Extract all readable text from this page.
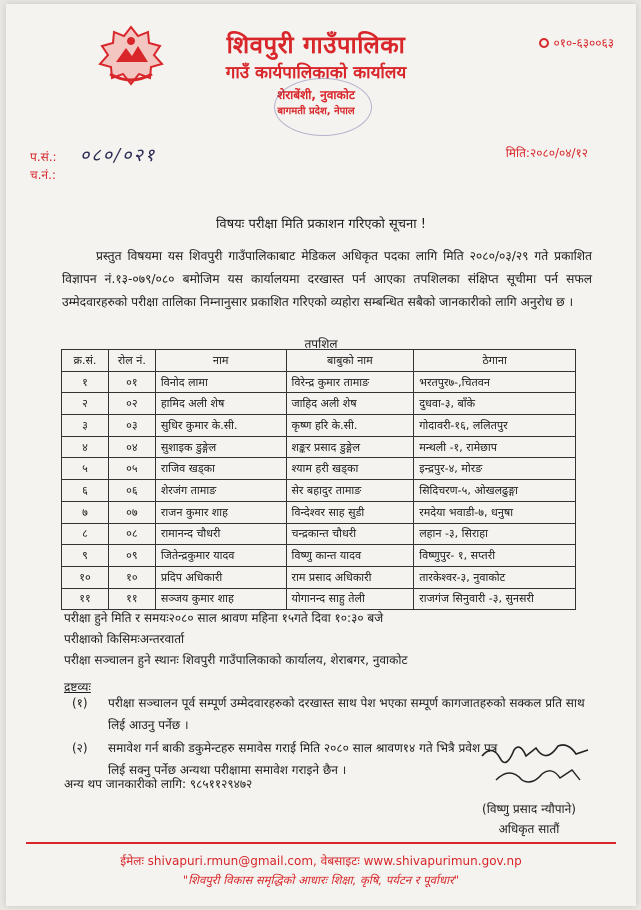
शिवपुरी गाउँपालिका
गाउँ कार्यपालिकाको कार्यालय
शेराबेंशी, नुवाकोट
बागमती प्रदेश, नेपाल
०१०-६३००६३
प.सं.:
च.नं.:
०८०/०२१	मिति:२०८०/०४/१२
विषयः परीक्षा मिति प्रकाशन गरिएको सूचना !
प्रस्तुत विषयमा यस शिवपुरी गाउँपालिकाबाट मेडिकल अधिकृत पदका लागि मिति २०८०/०३/२९ गते प्रकाशित विज्ञापन नं.१३-०७९/०८० बमोजिम यस कार्यालयमा दरखास्त पर्न आएका तपशिलका संक्षिप्त सूचीमा पर्न सफल उम्मेदवारहरुको परीक्षा तालिका निम्नानुसार प्रकाशित गरिएको व्यहोरा सम्बन्धित सबैको जानकारीको लागि अनुरोध छ ।
तपशिल
क्र.सं.	रोल नं.	नाम	बाबुको नाम	ठेगाना
१	०१	विनोद लामा	विरेन्द्र कुमार तामाङ	भरतपुर७-,चितवन
२	०२	हामिद अली शेष	जाहिद अली शेष	दुधवा-३, बाँके
३	०३	सुधिर कुमार के.सी.	कृष्ण हरि के.सी.	गोदावरी-१६, ललितपुर
४	०४	सुशाइक डुङ्गेल	शङ्कर प्रसाद डुङ्गेल	मन्थली -१, रामेछाप
५	०५	राजिव खड्का	श्याम हरी खड्का	इन्द्रपुर-४, मोरङ
६	०६	शेरजंग तामाङ	सेर बहादुर तामाङ	सिदिचरण-५, ओखलढुङ्गा
७	०७	राजन कुमार शाह	विन्देश्वर साह सुडी	रमदेया भवाडी-७, धनुषा
८	०८	रामानन्द चौधरी	चन्द्रकान्त चौधरी	लहान -३, सिराहा
९	०९	जितेन्द्रकुमार यादव	विष्णु कान्त यादव	विष्णुपुर- १, सप्तरी
१०	१०	प्रदिप अधिकारी	राम प्रसाद अधिकारी	तारकेश्वर-३, नुवाकोट
११	११	सञ्जय कुमार शाह	योगानन्द साहु तेली	राजगंज सिनुवारी -३, सुनसरी
परीक्षा हुने मिति र समयः२०८० साल श्रावण महिना १५गते दिवा १०:३० बजे
परीक्षाको किसिमःअन्तरवार्ता
परीक्षा सञ्चालन हुने स्थानः शिवपुरी गाउँपालिकाको कार्यालय, शेराबगर, नुवाकोट
द्रष्टव्यः
(१) परीक्षा सञ्चालन पूर्व सम्पूर्ण उम्मेदवारहरुको दरखास्त साथ पेश भएका सम्पूर्ण कागजातहरुको सक्कल प्रति साथ लिई आउनु पर्नेछ ।
(२) समावेश गर्न बाकी डकुमेन्टहरु समावेस गराई मिति २०८० साल श्रावण१४ गते भित्रै प्रवेश पत्र लिई सक्नु पर्नेछ अन्यथा परीक्षामा समावेश गराइने छैन ।
अन्य थप जानकारीको लागि: ९८५११२९४७२
(विष्णु प्रसाद न्यौपाने)
अधिकृत सातौं
ईमेलः shivapuri.rmun@gmail.com, वेबसाइटः www.shivapurimun.gov.np
"शिवपुरी विकास समृद्धिको आधारः शिक्षा, कृषि, पर्यटन र पूर्वाधार"
